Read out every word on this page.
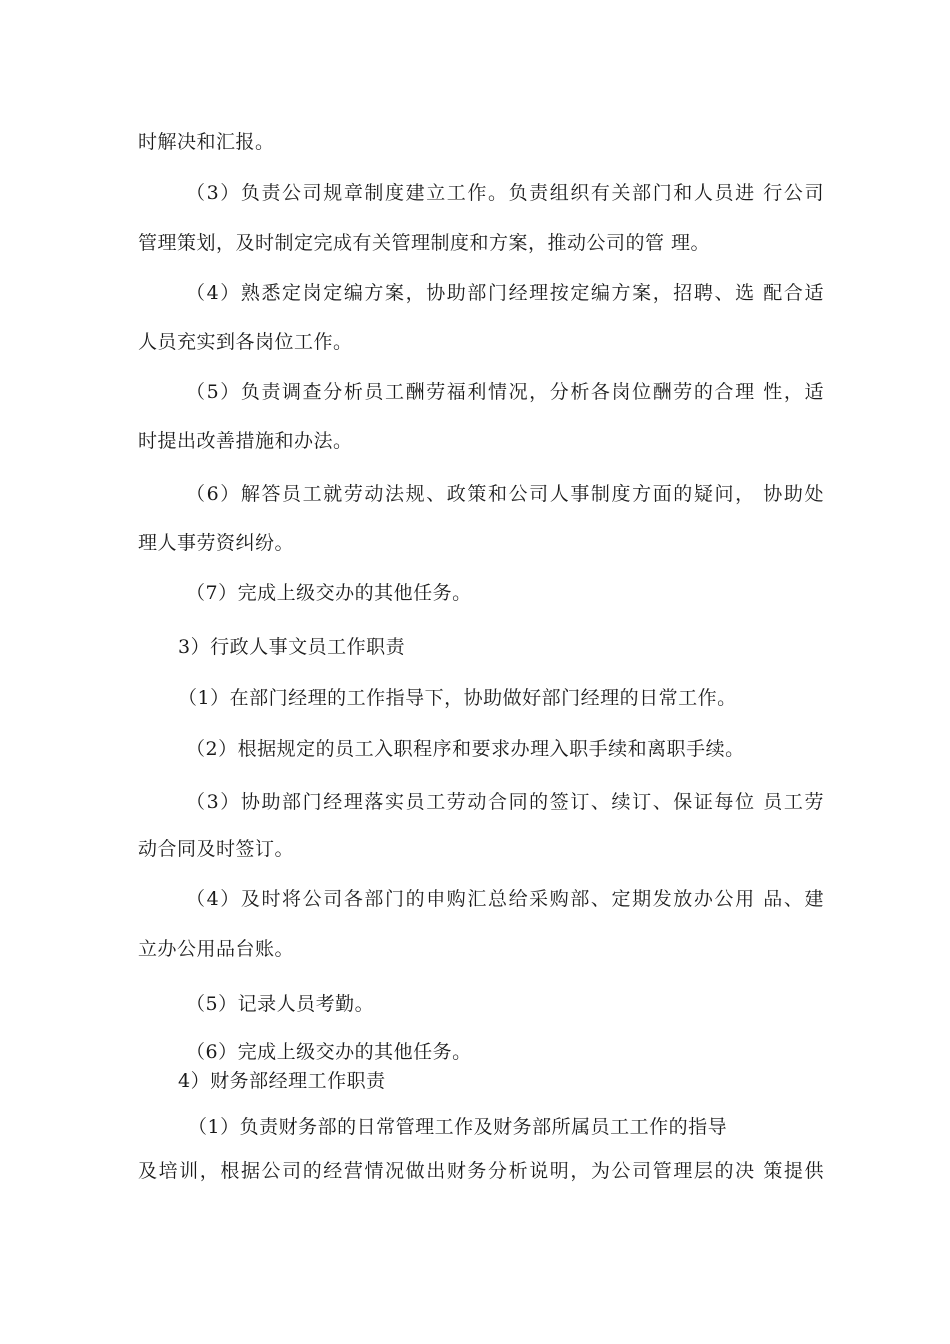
时解决和汇报。
（3）负责公司规章制度建立工作。负责组织有关部门和人员进 行公司
管理策划，及时制定完成有关管理制度和方案，推动公司的管 理。
（4）熟悉定岗定编方案，协助部门经理按定编方案，招聘、选 配合适
人员充实到各岗位工作。
（5）负责调查分析员工酬劳福利情况，分析各岗位酬劳的合理 性，适
时提出改善措施和办法。
（6）解答员工就劳动法规、政策和公司人事制度方面的疑问， 协助处
理人事劳资纠纷。
（7）完成上级交办的其他任务。
3）行政人事文员工作职责
（1）在部门经理的工作指导下，协助做好部门经理的日常工作。
（2）根据规定的员工入职程序和要求办理入职手续和离职手续。
（3）协助部门经理落实员工劳动合同的签订、续订、保证每位 员工劳
动合同及时签订。
（4）及时将公司各部门的申购汇总给采购部、定期发放办公用 品、建
立办公用品台账。
（5）记录人员考勤。
（6）完成上级交办的其他任务。
4）财务部经理工作职责
（1）负责财务部的日常管理工作及财务部所属员工工作的指导
及培训，根据公司的经营情况做出财务分析说明，为公司管理层的决 策提供
